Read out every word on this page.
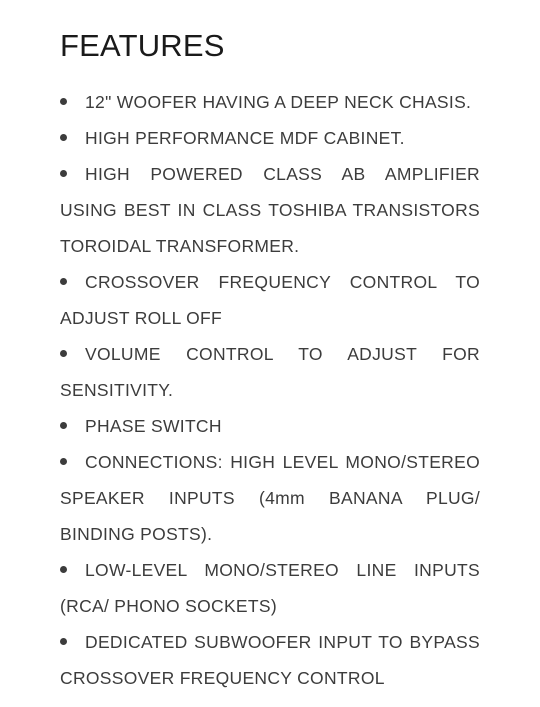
FEATURES
12" WOOFER HAVING A DEEP NECK CHASIS.
HIGH PERFORMANCE MDF CABINET.
HIGH POWERED CLASS AB AMPLIFIER USING BEST IN CLASS TOSHIBA TRANSISTORS TOROIDAL TRANSFORMER.
CROSSOVER FREQUENCY CONTROL TO ADJUST ROLL OFF
VOLUME CONTROL TO ADJUST FOR SENSITIVITY.
PHASE SWITCH
CONNECTIONS: HIGH LEVEL MONO/STEREO SPEAKER INPUTS (4mm BANANA PLUG/ BINDING POSTS).
LOW-LEVEL MONO/STEREO LINE INPUTS (RCA/ PHONO SOCKETS)
DEDICATED SUBWOOFER INPUT TO BYPASS CROSSOVER FREQUENCY CONTROL
